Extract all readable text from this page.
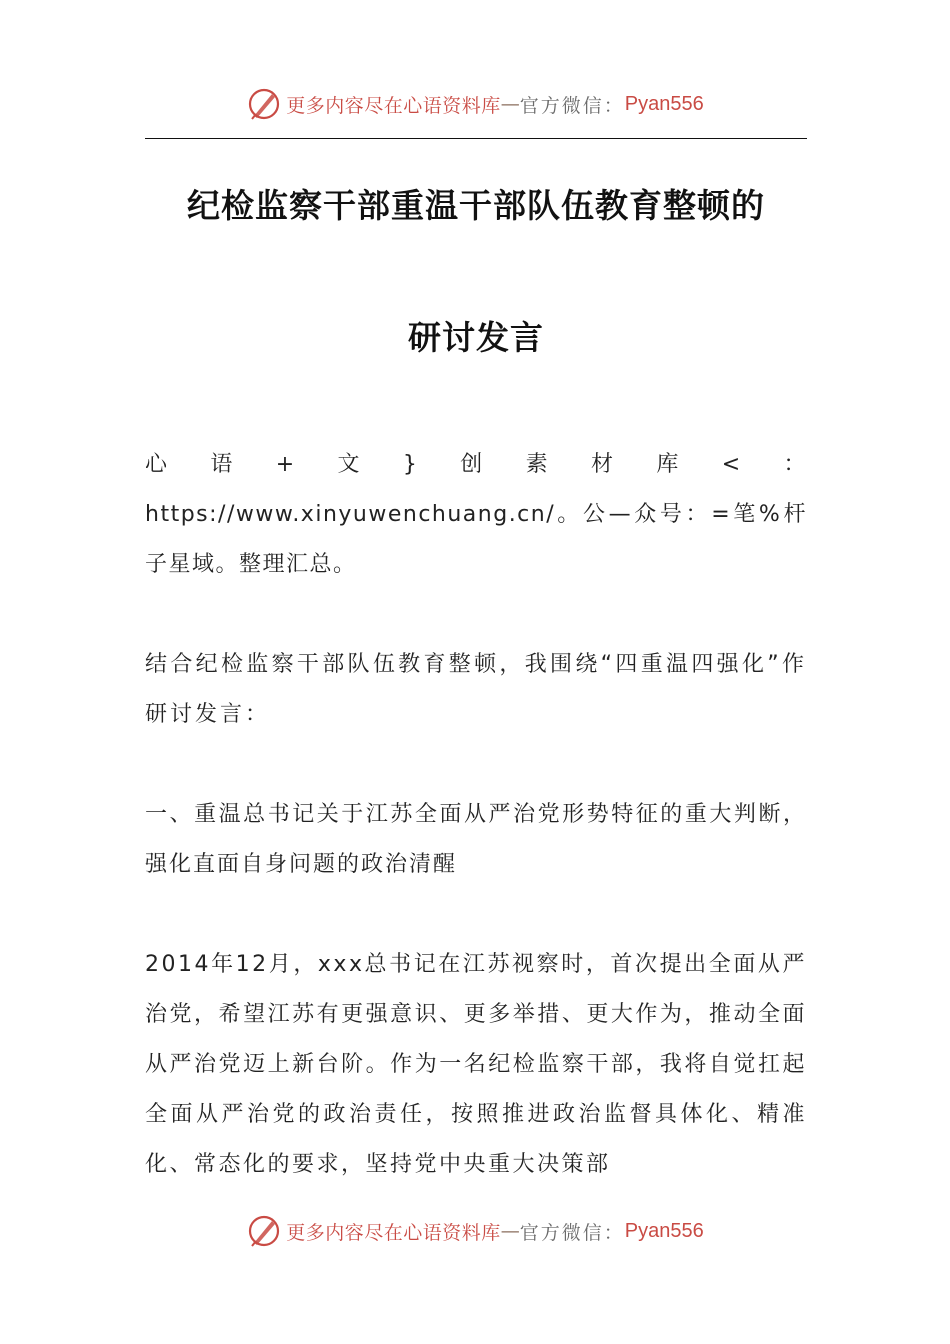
更多内容尽在心语资料库 — 官方微信： Pyan556
纪检监察干部重温干部队伍教育整顿的
研讨发言
心语+文}创素材库<：https://www.xinyuwenchuang.cn/。公—众号：=笔%杆子星域。整理汇总。
结合纪检监察干部队伍教育整顿，我围绕“四重温四强化”作研讨发言：
一、重温总书记关于江苏全面从严治党形势特征的重大判断，强化直面自身问题的政治清醒
2014年12月，xxx总书记在江苏视察时，首次提出全面从严治党，希望江苏有更强意识、更多举措、更大作为，推动全面从严治党迈上新台阶。作为一名纪检监察干部，我将自觉扛起全面从严治党的政治责任，按照推进政治监督具体化、精准化、常态化的要求，坚持党中央重大决策部
更多内容尽在心语资料库 — 官方微信： Pyan556
